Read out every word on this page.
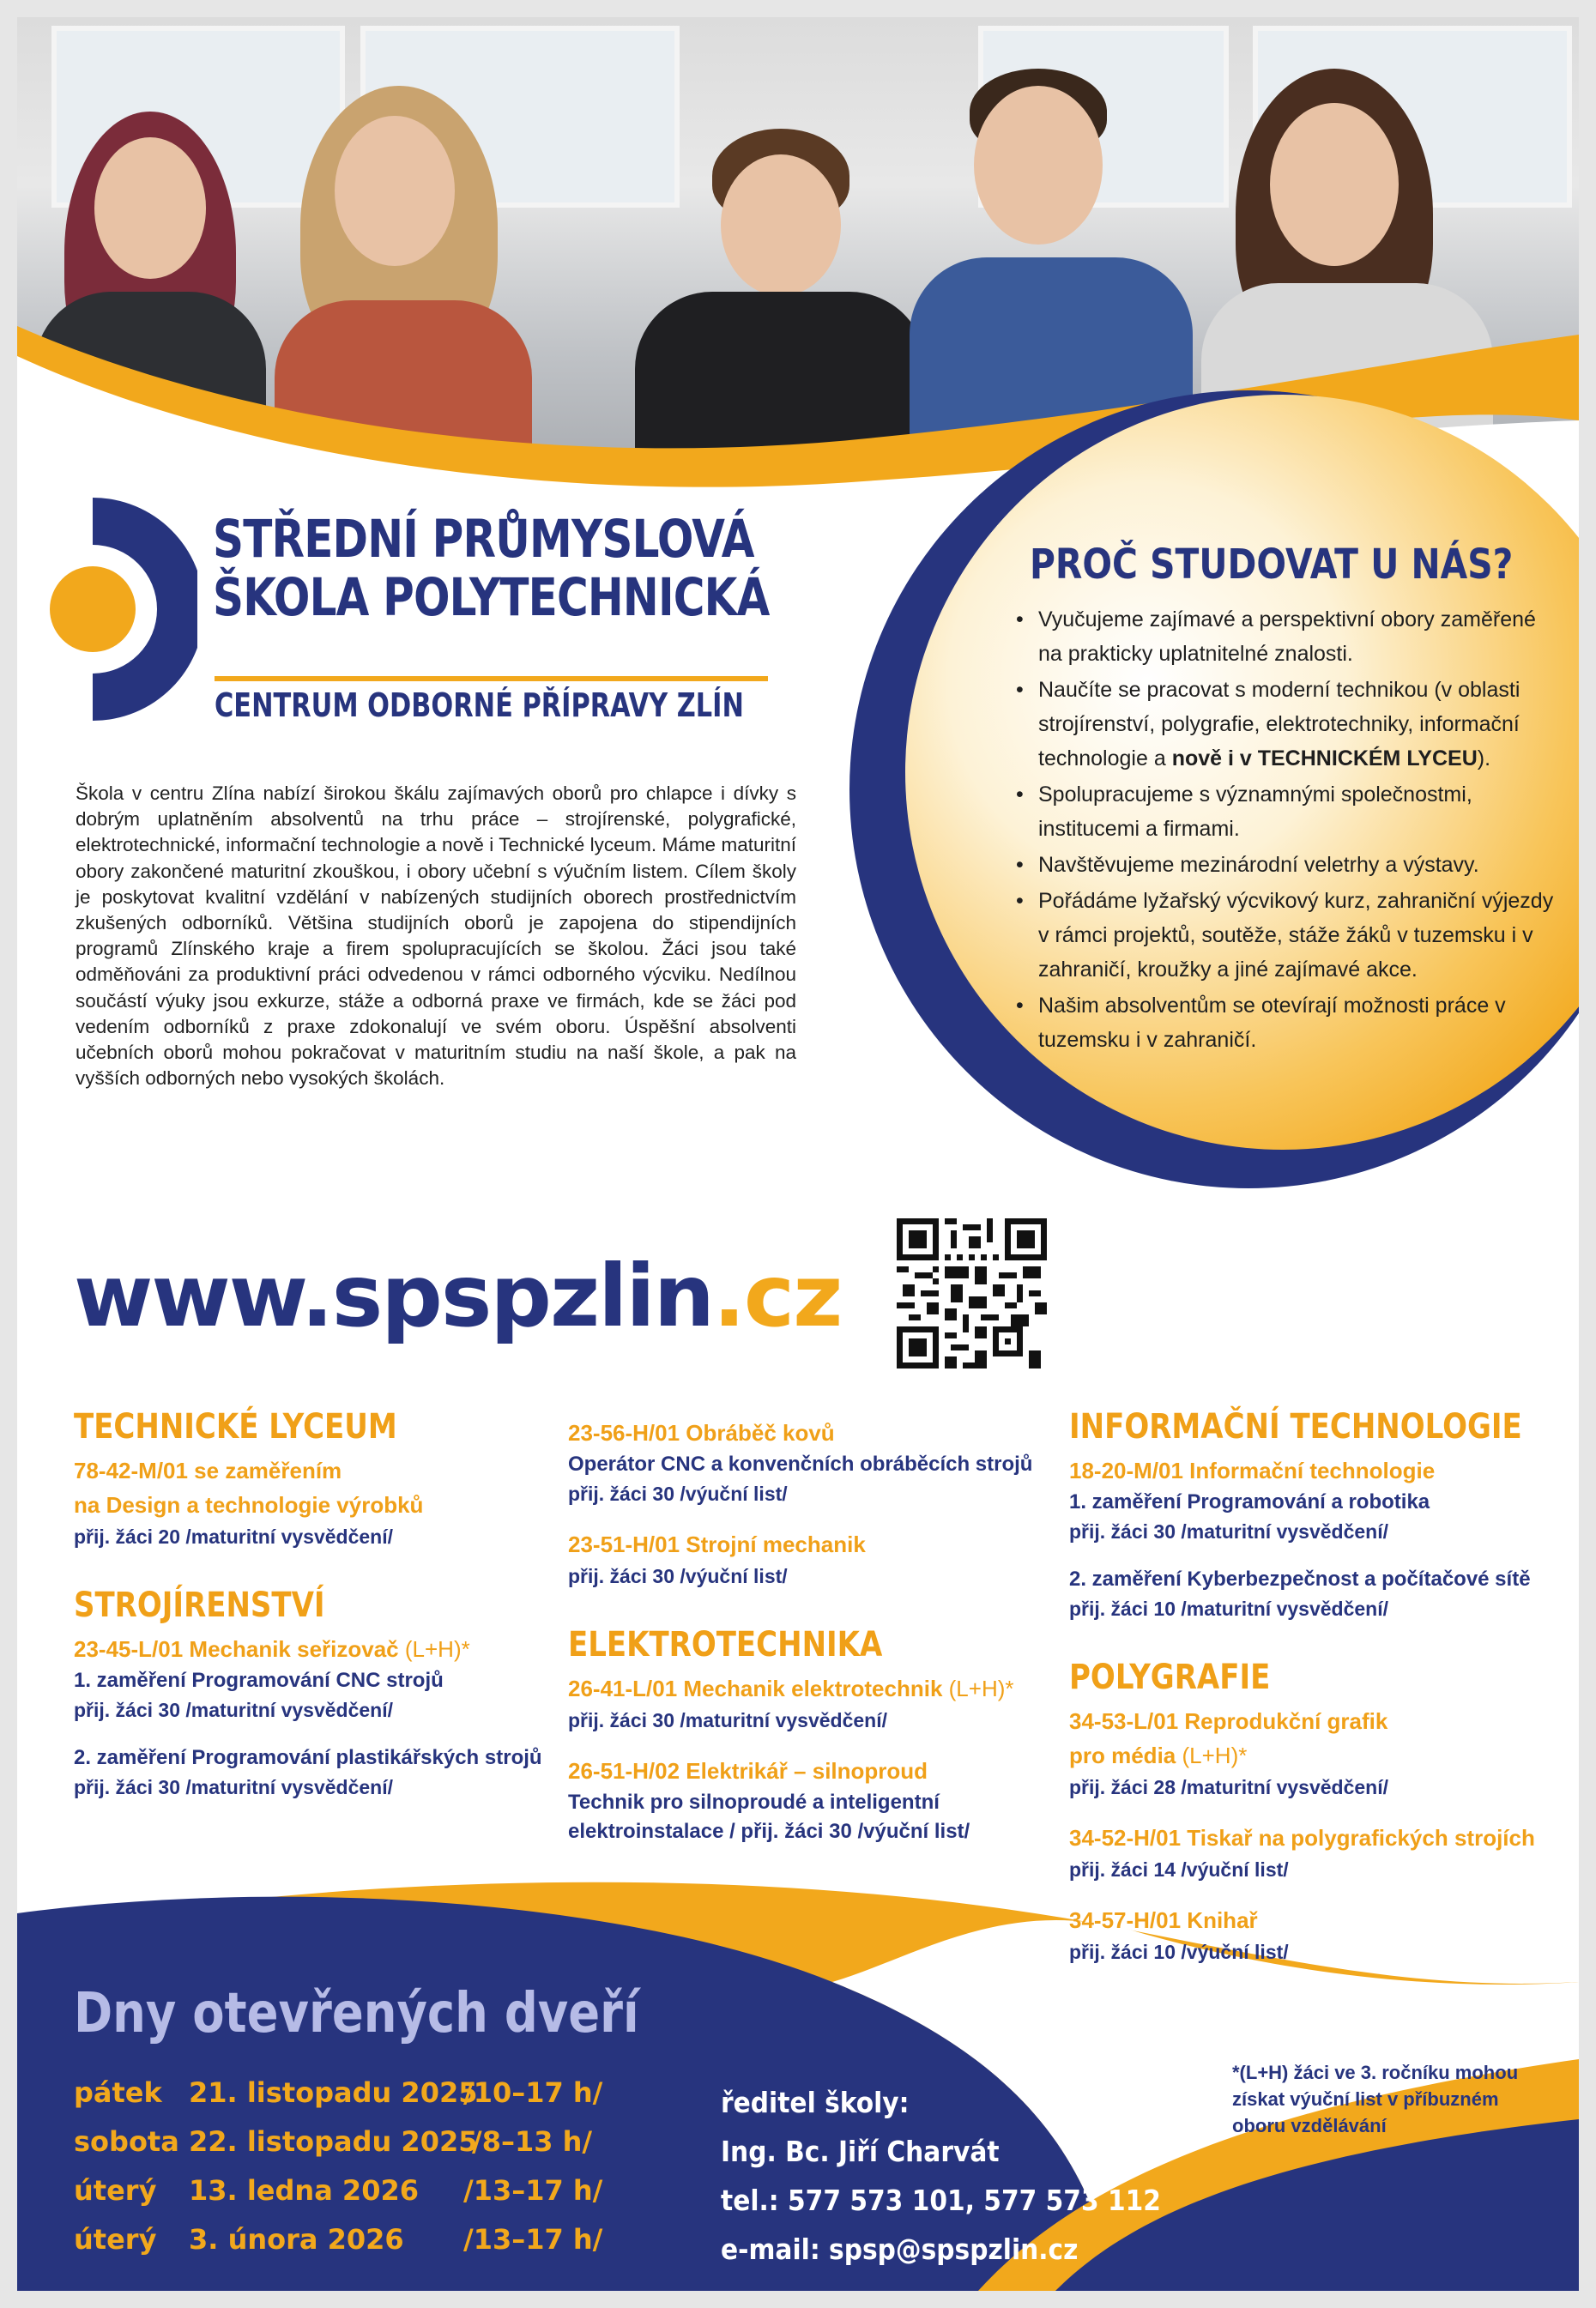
STŘEDNÍ PRŮMYSLOVÁ
ŠKOLA POLYTECHNICKÁ
CENTRUM ODBORNÉ PŘÍPRAVY ZLÍN
Škola v centru Zlína nabízí širokou škálu zajímavých oborů pro chlapce i dívky s dobrým uplatněním absolventů na trhu práce – strojírenské, polygrafické, elektrotechnické, informační technologie a nově i Technické lyceum. Máme maturitní obory zakončené maturitní zkouškou, i obory učební s výučním listem. Cílem školy je poskytovat kvalitní vzdělání v nabízených studijních oborech prostřednictvím zkušených odborníků. Většina studijních oborů je zapojena do stipendijních programů Zlínského kraje a firem spolupracujících se školou. Žáci jsou také odměňováni za produktivní práci odvedenou v rámci odborného výcviku. Nedílnou součástí výuky jsou exkurze, stáže a odborná praxe ve firmách, kde se žáci pod vedením odborníků z praxe zdokonalují ve svém oboru. Úspěšní absolventi učebních oborů mohou pokračovat v maturitním studiu na naší škole, a pak na vyšších odborných nebo vysokých školách.
PROČ STUDOVAT U NÁS?
• Vyučujeme zajímavé a perspektivní obory zaměřené na prakticky uplatnitelné znalosti.
• Naučíte se pracovat s moderní technikou (v oblasti strojírenství, polygrafie, elektrotechniky, informační technologie a nově i v TECHNICKÉM LYCEU).
• Spolupracujeme s významnými společnostmi, institucemi a firmami.
• Navštěvujeme mezinárodní veletrhy a výstavy.
• Pořádáme lyžařský výcvikový kurz, zahraniční výjezdy v rámci projektů, soutěže, stáže žáků v tuzemsku i v zahraničí, kroužky a jiné zajímavé akce.
• Našim absolventům se otevírají možnosti práce v tuzemsku i v zahraničí.
www.spspzlin.cz
TECHNICKÉ LYCEUM
78-42-M/01 se zaměřením
na Design a technologie výrobků
přij. žáci 20 /maturitní vysvědčení/
STROJÍRENSTVÍ
23-45-L/01 Mechanik seřizovač (L+H)*
1. zaměření Programování CNC strojů
přij. žáci 30 /maturitní vysvědčení/
2. zaměření Programování plastikářských strojů
přij. žáci 30 /maturitní vysvědčení/
23-56-H/01 Obráběč kovů
Operátor CNC a konvenčních obráběcích strojů
přij. žáci 30 /výuční list/
23-51-H/01 Strojní mechanik
přij. žáci 30 /výuční list/
ELEKTROTECHNIKA
26-41-L/01 Mechanik elektrotechnik (L+H)*
přij. žáci 30 /maturitní vysvědčení/
26-51-H/02 Elektrikář – silnoproud
Technik pro silnoproudé a inteligentní
elektroinstalace / přij. žáci 30 /výuční list/
INFORMAČNÍ TECHNOLOGIE
18-20-M/01 Informační technologie
1. zaměření Programování a robotika
přij. žáci 30 /maturitní vysvědčení/
2. zaměření Kyberbezpečnost a počítačové sítě
přij. žáci 10 /maturitní vysvědčení/
POLYGRAFIE
34-53-L/01 Reprodukční grafik
pro média (L+H)*
přij. žáci 28 /maturitní vysvědčení/
34-52-H/01 Tiskař na polygrafických strojích
přij. žáci 14 /výuční list/
34-57-H/01 Knihař
přij. žáci 10 /výuční list/
*(L+H) žáci ve 3. ročníku mohou získat výuční list v příbuzném oboru vzdělávání
Dny otevřených dveří
pátek 21. listopadu 2025
/10–17 h/
sobota 22. listopadu 2025
/8–13 h/
úterý 13. ledna 2026 /13–17 h/
úterý 3. února 2026 /13–17 h/
ředitel školy:
Ing. Bc. Jiří Charvát
tel.: 577 573 101, 577 573 112
e-mail: spsp@spspzlin.cz
